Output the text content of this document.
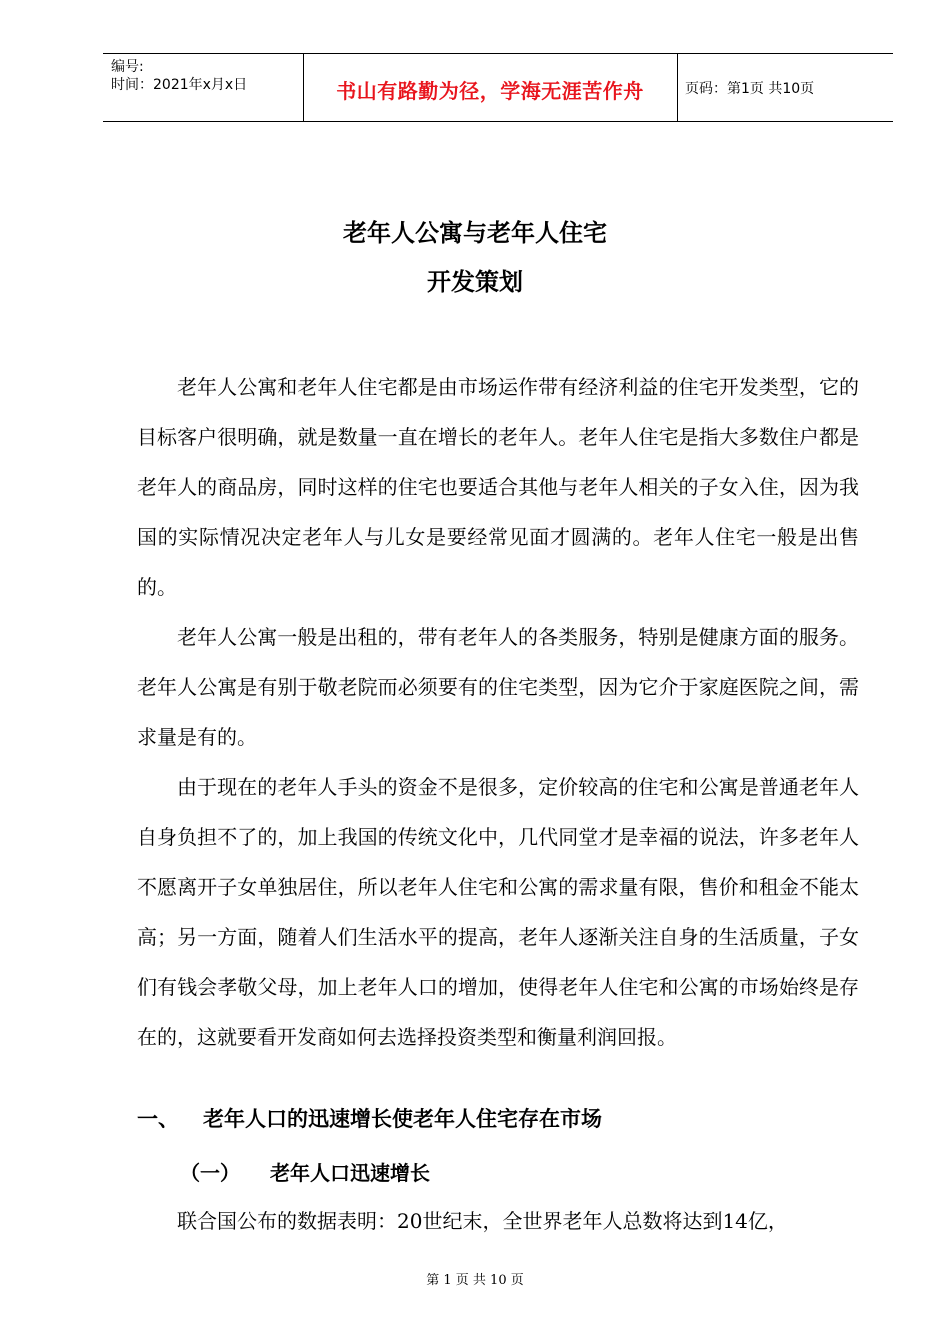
编号:
时间：2021年x月x日	书山有路勤为径，学海无涯苦作舟	页码：第1页 共10页
老年人公寓与老年人住宅
开发策划

老年人公寓和老年人住宅都是由市场运作带有经济利益的住宅开发类型，它的目标客户很明确，就是数量一直在增长的老年人。老年人住宅是指大多数住户都是老年人的商品房，同时这样的住宅也要适合其他与老年人相关的子女入住，因为我国的实际情况决定老年人与儿女是要经常见面才圆满的。老年人住宅一般是出售的。

老年人公寓一般是出租的，带有老年人的各类服务，特别是健康方面的服务。老年人公寓是有别于敬老院而必须要有的住宅类型，因为它介于家庭医院之间，需求量是有的。

由于现在的老年人手头的资金不是很多，定价较高的住宅和公寓是普通老年人自身负担不了的，加上我国的传统文化中，几代同堂才是幸福的说法，许多老年人不愿离开子女单独居住，所以老年人住宅和公寓的需求量有限，售价和租金不能太高；另一方面，随着人们生活水平的提高，老年人逐渐关注自身的生活质量，子女们有钱会孝敬父母，加上老年人口的增加，使得老年人住宅和公寓的市场始终是存在的，这就要看开发商如何去选择投资类型和衡量利润回报。

一、 老年人口的迅速增长使老年人住宅存在市场
（一） 老年人口迅速增长

联合国公布的数据表明：20世纪末，全世界老年人总数将达到14亿，

第 1 页 共 10 页
